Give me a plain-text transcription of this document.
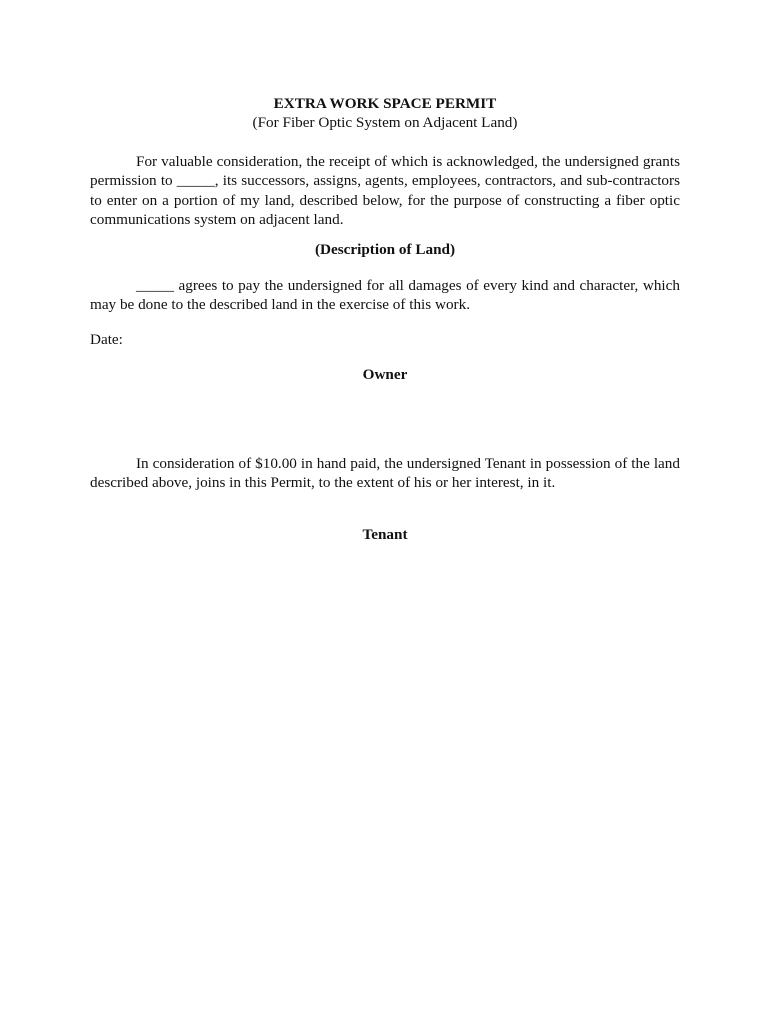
EXTRA WORK SPACE PERMIT
(For Fiber Optic System on Adjacent Land)

For valuable consideration, the receipt of which is acknowledged, the undersigned grants permission to _____, its successors, assigns, agents, employees, contractors, and sub-contractors to enter on a portion of my land, described below, for the purpose of constructing a fiber optic communications system on adjacent land.

(Description of Land)

_____ agrees to pay the undersigned for all damages of every kind and character, which may be done to the described land in the exercise of this work.

Date:
Owner

In consideration of $10.00 in hand paid, the undersigned Tenant in possession of the land described above, joins in this Permit, to the extent of his or her interest, in it.

Tenant
